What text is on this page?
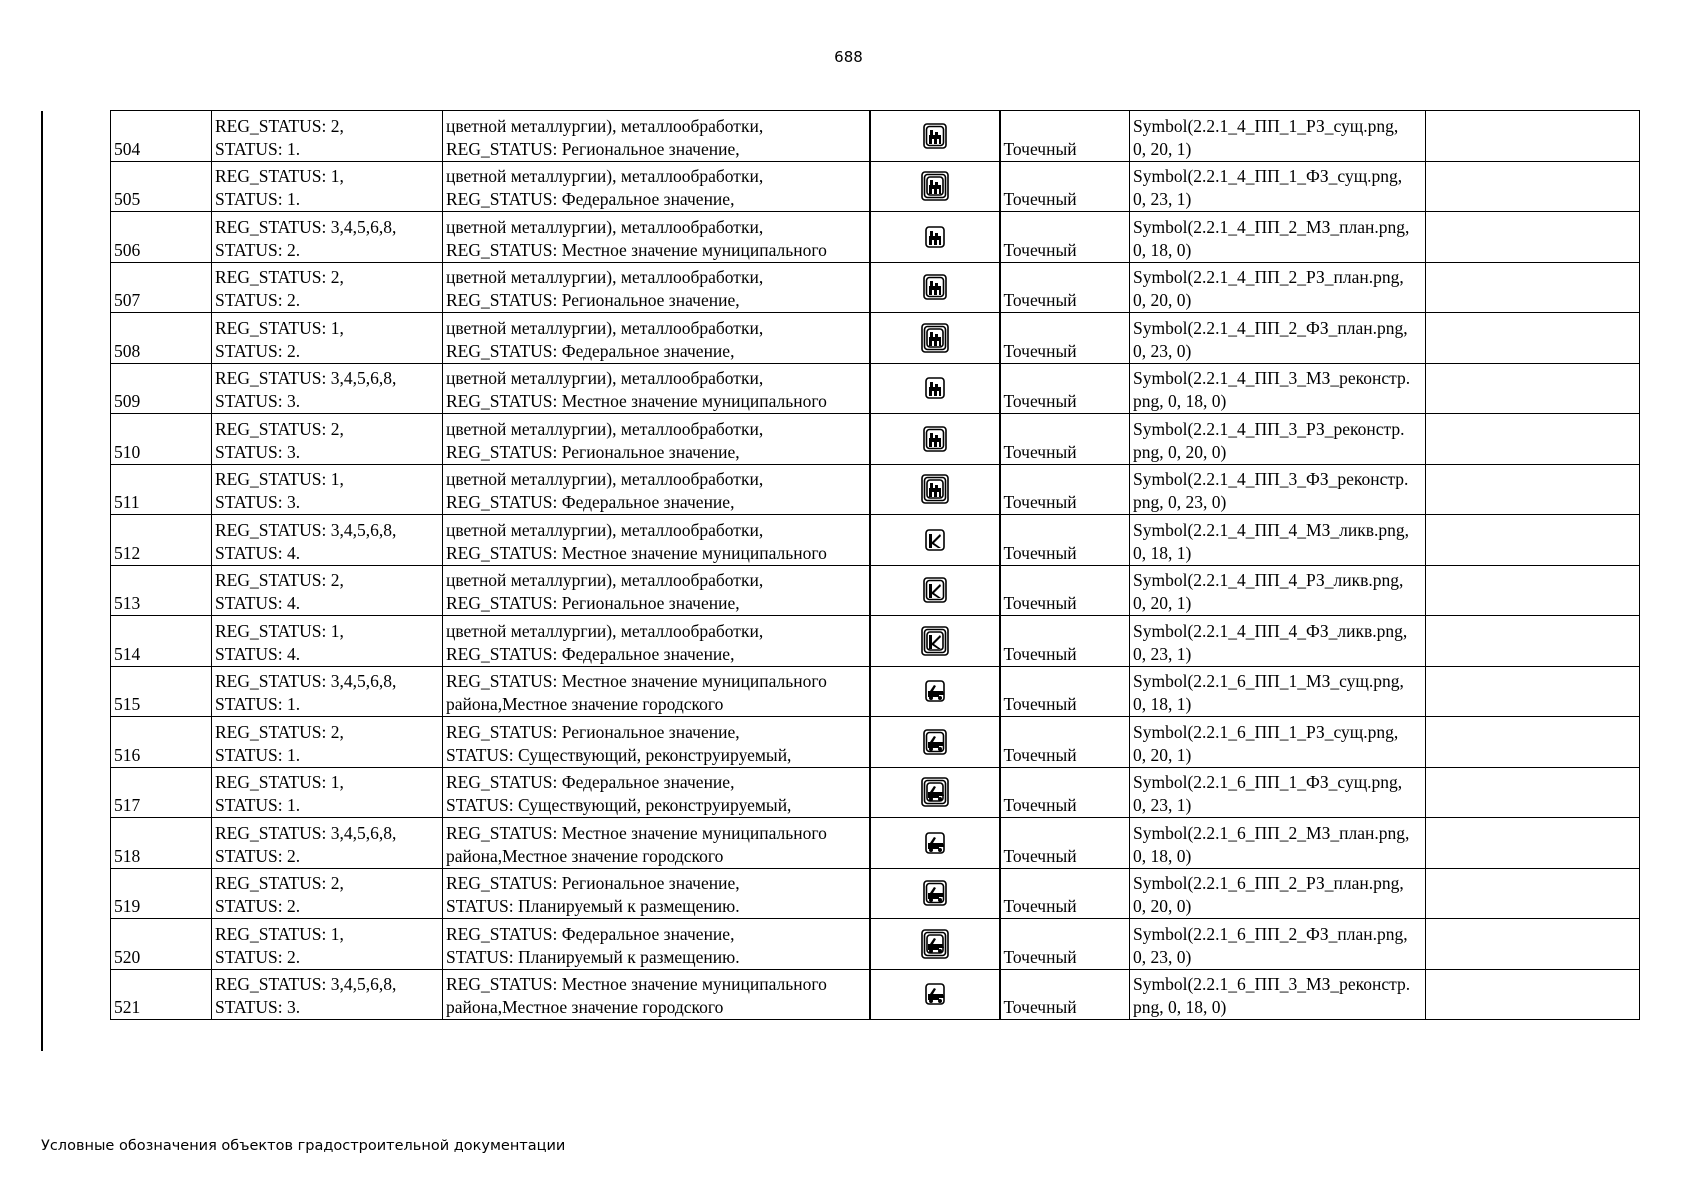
688
504	REG_STATUS: 2,
STATUS: 1.	цветной металлургии), металлообработки,
REG_STATUS: Региональное значение,		Точечный	Symbol(2.2.1_4_ПП_1_РЗ_сущ.png,
0, 20, 1)	

505	REG_STATUS: 1,
STATUS: 1.	цветной металлургии), металлообработки,
REG_STATUS: Федеральное значение,		Точечный	Symbol(2.2.1_4_ПП_1_ФЗ_сущ.png,
0, 23, 1)	

506	REG_STATUS: 3,4,5,6,8,
STATUS: 2.	цветной металлургии), металлообработки,
REG_STATUS: Местное значение муниципального		Точечный	Symbol(2.2.1_4_ПП_2_МЗ_план.png,
0, 18, 0)	

507	REG_STATUS: 2,
STATUS: 2.	цветной металлургии), металлообработки,
REG_STATUS: Региональное значение,		Точечный	Symbol(2.2.1_4_ПП_2_РЗ_план.png,
0, 20, 0)	

508	REG_STATUS: 1,
STATUS: 2.	цветной металлургии), металлообработки,
REG_STATUS: Федеральное значение,		Точечный	Symbol(2.2.1_4_ПП_2_ФЗ_план.png,
0, 23, 0)	

509	REG_STATUS: 3,4,5,6,8,
STATUS: 3.	цветной металлургии), металлообработки,
REG_STATUS: Местное значение муниципального		Точечный	Symbol(2.2.1_4_ПП_3_МЗ_реконстр.
png, 0, 18, 0)	

510	REG_STATUS: 2,
STATUS: 3.	цветной металлургии), металлообработки,
REG_STATUS: Региональное значение,		Точечный	Symbol(2.2.1_4_ПП_3_РЗ_реконстр.
png, 0, 20, 0)	

511	REG_STATUS: 1,
STATUS: 3.	цветной металлургии), металлообработки,
REG_STATUS: Федеральное значение,		Точечный	Symbol(2.2.1_4_ПП_3_ФЗ_реконстр.
png, 0, 23, 0)	

512	REG_STATUS: 3,4,5,6,8,
STATUS: 4.	цветной металлургии), металлообработки,
REG_STATUS: Местное значение муниципального		Точечный	Symbol(2.2.1_4_ПП_4_МЗ_ликв.png,
0, 18, 1)	

513	REG_STATUS: 2,
STATUS: 4.	цветной металлургии), металлообработки,
REG_STATUS: Региональное значение,		Точечный	Symbol(2.2.1_4_ПП_4_РЗ_ликв.png,
0, 20, 1)	

514	REG_STATUS: 1,
STATUS: 4.	цветной металлургии), металлообработки,
REG_STATUS: Федеральное значение,		Точечный	Symbol(2.2.1_4_ПП_4_ФЗ_ликв.png,
0, 23, 1)	

515	REG_STATUS: 3,4,5,6,8,
STATUS: 1.	REG_STATUS: Местное значение муниципального
района,Местное значение городского		Точечный	Symbol(2.2.1_6_ПП_1_МЗ_сущ.png,
0, 18, 1)	

516	REG_STATUS: 2,
STATUS: 1.	REG_STATUS: Региональное значение,
STATUS: Существующий, реконструируемый,		Точечный	Symbol(2.2.1_6_ПП_1_РЗ_сущ.png,
0, 20, 1)	

517	REG_STATUS: 1,
STATUS: 1.	REG_STATUS: Федеральное значение,
STATUS: Существующий, реконструируемый,		Точечный	Symbol(2.2.1_6_ПП_1_ФЗ_сущ.png,
0, 23, 1)	

518	REG_STATUS: 3,4,5,6,8,
STATUS: 2.	REG_STATUS: Местное значение муниципального
района,Местное значение городского		Точечный	Symbol(2.2.1_6_ПП_2_МЗ_план.png,
0, 18, 0)	

519	REG_STATUS: 2,
STATUS: 2.	REG_STATUS: Региональное значение,
STATUS: Планируемый к размещению.		Точечный	Symbol(2.2.1_6_ПП_2_РЗ_план.png,
0, 20, 0)	

520	REG_STATUS: 1,
STATUS: 2.	REG_STATUS: Федеральное значение,
STATUS: Планируемый к размещению.		Точечный	Symbol(2.2.1_6_ПП_2_ФЗ_план.png,
0, 23, 0)	

521	REG_STATUS: 3,4,5,6,8,
STATUS: 3.	REG_STATUS: Местное значение муниципального
района,Местное значение городского		Точечный	Symbol(2.2.1_6_ПП_3_МЗ_реконстр.
png, 0, 18, 0)	

Условные обозначения объектов градостроительной документации
